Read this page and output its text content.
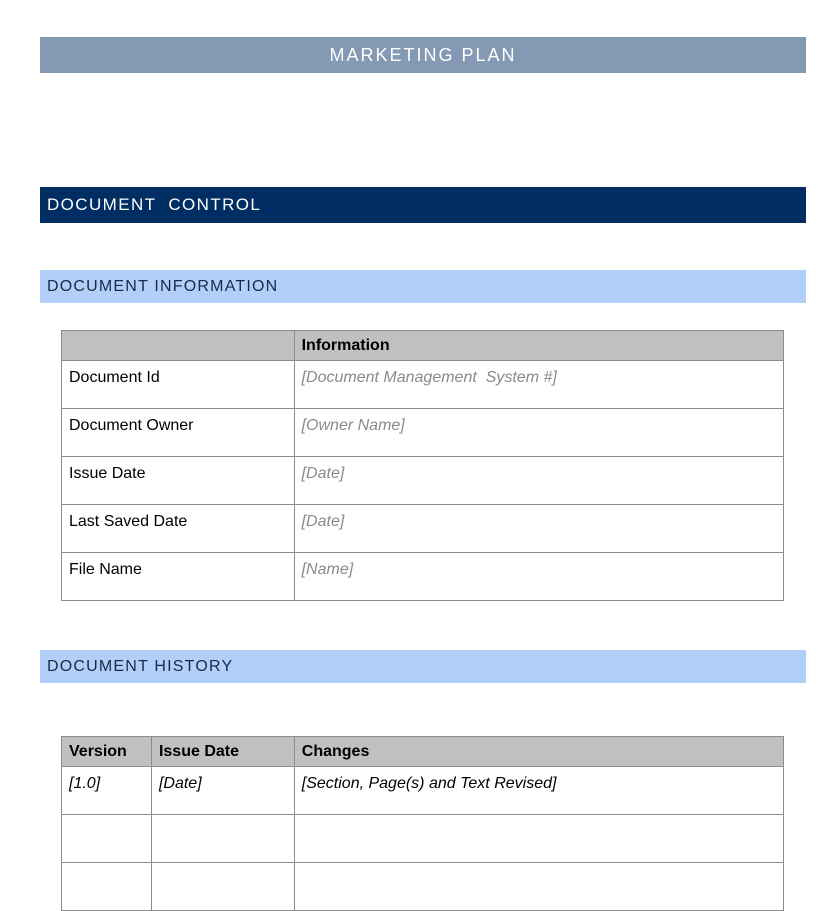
MARKETING PLAN
DOCUMENT  CONTROL
DOCUMENT INFORMATION
	Information
Document Id	[Document Management  System #]
Document Owner	[Owner Name]
Issue Date	[Date]
Last Saved Date	[Date]
File Name	[Name]
DOCUMENT HISTORY
Version	Issue Date	Changes
[1.0]	[Date]	[Section, Page(s) and Text Revised]
